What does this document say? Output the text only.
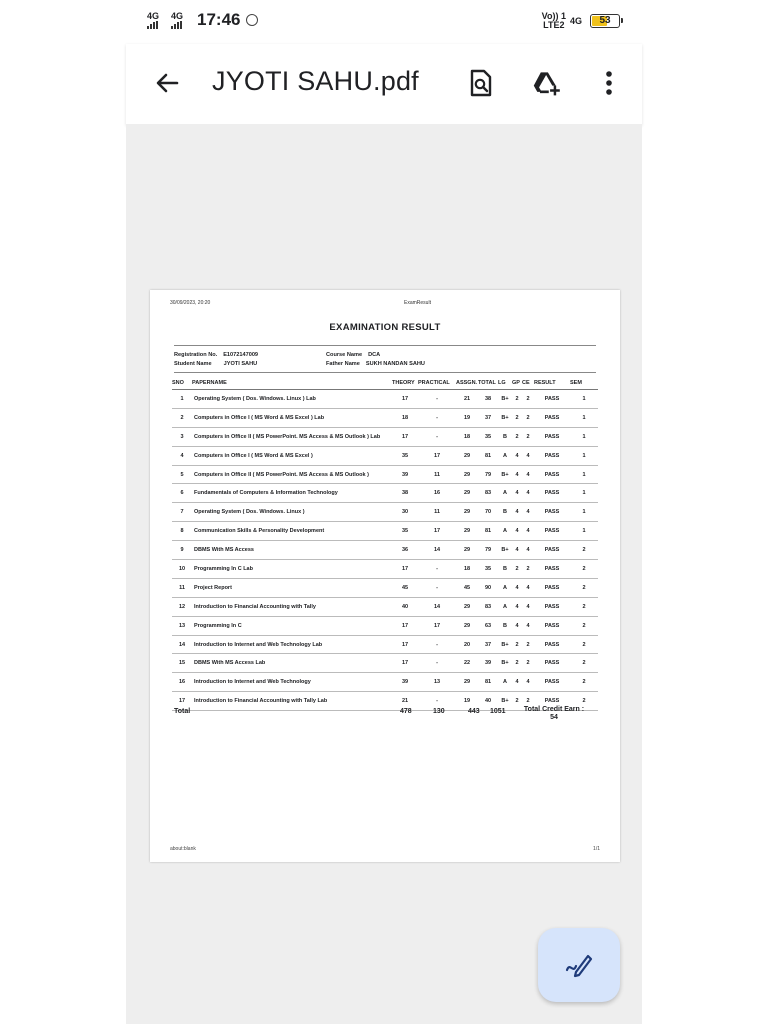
4G 4G 17:46	Vo)) 1
LTE2 4G	53
JYOTI SAHU.pdf
30/09/2023, 20:20	ExamResult
EXAMINATION RESULT
Registration No. E1072147009
Student Name JYOTI SAHU
Course Name DCA
Father Name SUKH NANDAN SAHU
SNO	PAPERNAME	THEORY	PRACTICAL	ASSGN.	TOTAL	LG	GP	CE	RESULT	SEM
1	Operating System ( Dos. Windows. Linux ) Lab	17	-	21	38	B+	2	2	PASS	1
2	Computers in Office I ( MS Word & MS Excel ) Lab	18	-	19	37	B+	2	2	PASS	1
3	Computers in Office II ( MS PowerPoint. MS Access & MS Outlook ) Lab	17	-	18	35	B	2	2	PASS	1
4	Computers in Office I ( MS Word & MS Excel )	35	17	29	81	A	4	4	PASS	1
5	Computers in Office II ( MS PowerPoint. MS Access & MS Outlook )	39	11	29	79	B+	4	4	PASS	1
6	Fundamentals of Computers & Information Technology	38	16	29	83	A	4	4	PASS	1
7	Operating System ( Dos. Windows. Linux )	30	11	29	70	B	4	4	PASS	1
8	Communication Skills & Personality Development	35	17	29	81	A	4	4	PASS	1
9	DBMS With MS Access	36	14	29	79	B+	4	4	PASS	2
10	Programming In C Lab	17	-	18	35	B	2	2	PASS	2
11	Project Report	45	-	45	90	A	4	4	PASS	2
12	Introduction to Financial Accounting with Tally	40	14	29	83	A	4	4	PASS	2
13	Programming In C	17	17	29	63	B	4	4	PASS	2
14	Introduction to Internet and Web Technology Lab	17	-	20	37	B+	2	2	PASS	2
15	DBMS With MS Access Lab	17	-	22	39	B+	2	2	PASS	2
16	Introduction to Internet and Web Technology	39	13	29	81	A	4	4	PASS	2
17	Introduction to Financial Accounting with Tally Lab	21	-	19	40	B+	2	2	PASS	2
Total	478	130	443 1051	Total Credit Earn :
54
about:blank	1/1
